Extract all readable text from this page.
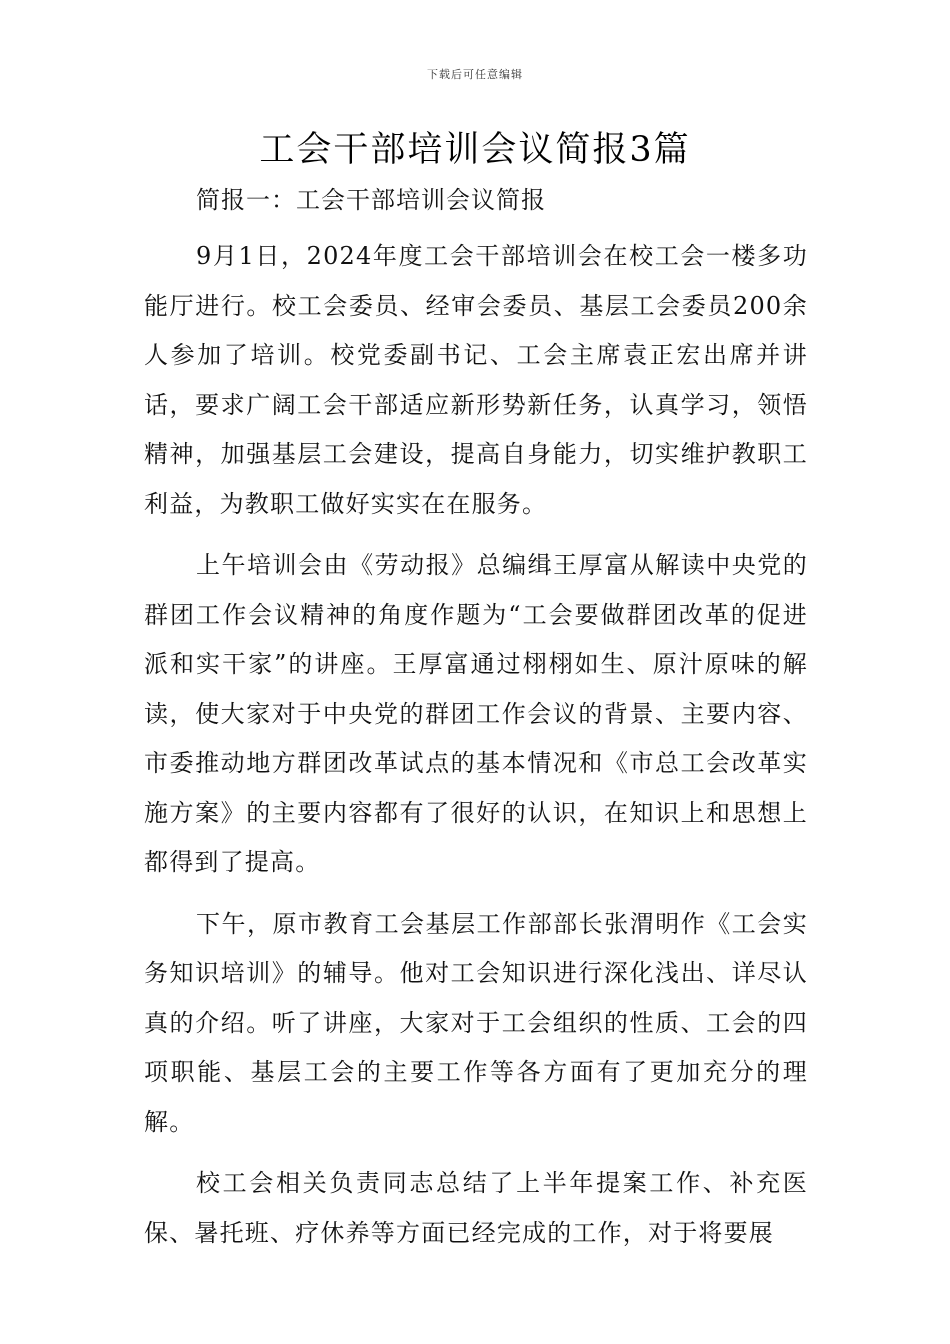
下载后可任意编辑
工会干部培训会议简报3篇

简报一：工会干部培训会议简报

9月1日，2024年度工会干部培训会在校工会一楼多功能厅进行。校工会委员、经审会委员、基层工会委员200余人参加了培训。校党委副书记、工会主席袁正宏出席并讲话，要求广阔工会干部适应新形势新任务，认真学习，领悟精神，加强基层工会建设，提高自身能力，切实维护教职工利益，为教职工做好实实在在服务。

上午培训会由《劳动报》总编缉王厚富从解读中央党的群团工作会议精神的角度作题为“工会要做群团改革的促进派和实干家”的讲座。王厚富通过栩栩如生、原汁原味的解读，使大家对于中央党的群团工作会议的背景、主要内容、市委推动地方群团改革试点的基本情况和《市总工会改革实施方案》的主要内容都有了很好的认识，在知识上和思想上都得到了提高。

下午，原市教育工会基层工作部部长张渭明作《工会实务知识培训》的辅导。他对工会知识进行深化浅出、详尽认真的介绍。听了讲座，大家对于工会组织的性质、工会的四项职能、基层工会的主要工作等各方面有了更加充分的理解。

校工会相关负责同志总结了上半年提案工作、补充医保、暑托班、疗休养等方面已经完成的工作，对于将要展
